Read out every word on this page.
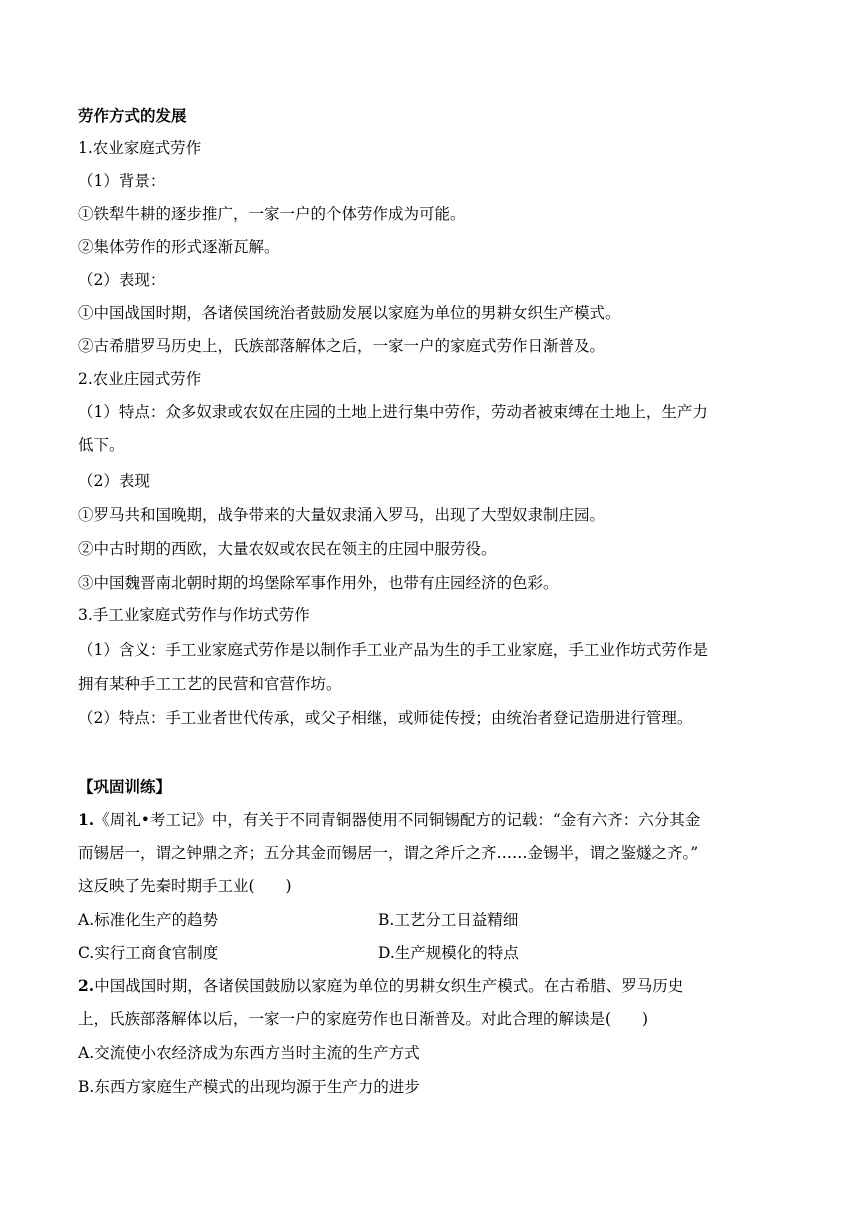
劳作方式的发展
1.农业家庭式劳作
（1）背景：
①铁犁牛耕的逐步推广，一家一户的个体劳作成为可能。
②集体劳作的形式逐渐瓦解。
（2）表现：
①中国战国时期，各诸侯国统治者鼓励发展以家庭为单位的男耕女织生产模式。
②古希腊罗马历史上，氏族部落解体之后，一家一户的家庭式劳作日渐普及。
2.农业庄园式劳作
（1）特点：众多奴隶或农奴在庄园的土地上进行集中劳作，劳动者被束缚在土地上，生产力
低下。
（2）表现
①罗马共和国晚期，战争带来的大量奴隶涌入罗马，出现了大型奴隶制庄园。
②中古时期的西欧，大量农奴或农民在领主的庄园中服劳役。
③中国魏晋南北朝时期的坞堡除军事作用外，也带有庄园经济的色彩。
3.手工业家庭式劳作与作坊式劳作
（1）含义：手工业家庭式劳作是以制作手工业产品为生的手工业家庭，手工业作坊式劳作是
拥有某种手工工艺的民营和官营作坊。
（2）特点：手工业者世代传承，或父子相继，或师徒传授；由统治者登记造册进行管理。
【巩固训练】
1.《周礼•考工记》中，有关于不同青铜器使用不同铜锡配方的记载：“金有六齐：六分其金
而锡居一，谓之钟鼎之齐；五分其金而锡居一，谓之斧斤之齐……金锡半，谓之鉴燧之齐。”
这反映了先秦时期手工业(　　)
A.标准化生产的趋势	B.工艺分工日益精细
C.实行工商食官制度	D.生产规模化的特点
2.中国战国时期，各诸侯国鼓励以家庭为单位的男耕女织生产模式。在古希腊、罗马历史
上，氏族部落解体以后，一家一户的家庭劳作也日渐普及。对此合理的解读是(　　)
A.交流使小农经济成为东西方当时主流的生产方式
B.东西方家庭生产模式的出现均源于生产力的进步
